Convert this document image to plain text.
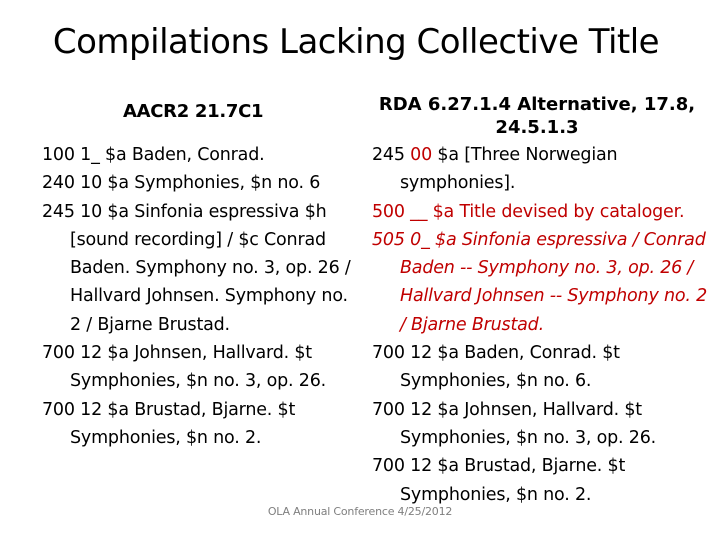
Compilations Lacking Collective Title
AACR2 21.7C1	RDA 6.27.1.4 Alternative, 17.8, 24.5.1.3
100 1_ $a Baden, Conrad.
240 10 $a Symphonies, $n no. 6
245 10 $a Sinfonia espressiva $h [sound recording] / $c Conrad Baden. Symphony no. 3, op. 26 / Hallvard Johnsen. Symphony no. 2 / Bjarne Brustad.
700 12 $a Johnsen, Hallvard. $t Symphonies, $n no. 3, op. 26.
700 12 $a Brustad, Bjarne. $t Symphonies, $n no. 2.
245 00 $a [Three Norwegian symphonies].
500 __ $a Title devised by cataloger.
505 0_ $a Sinfonia espressiva / Conrad Baden -- Symphony no. 3, op. 26 / Hallvard Johnsen -- Symphony no. 2 / Bjarne Brustad.
700 12 $a Baden, Conrad. $t Symphonies, $n no. 6.
700 12 $a Johnsen, Hallvard. $t Symphonies, $n no. 3, op. 26.
700 12 $a Brustad, Bjarne. $t Symphonies, $n no. 2.
OLA Annual Conference 4/25/2012
